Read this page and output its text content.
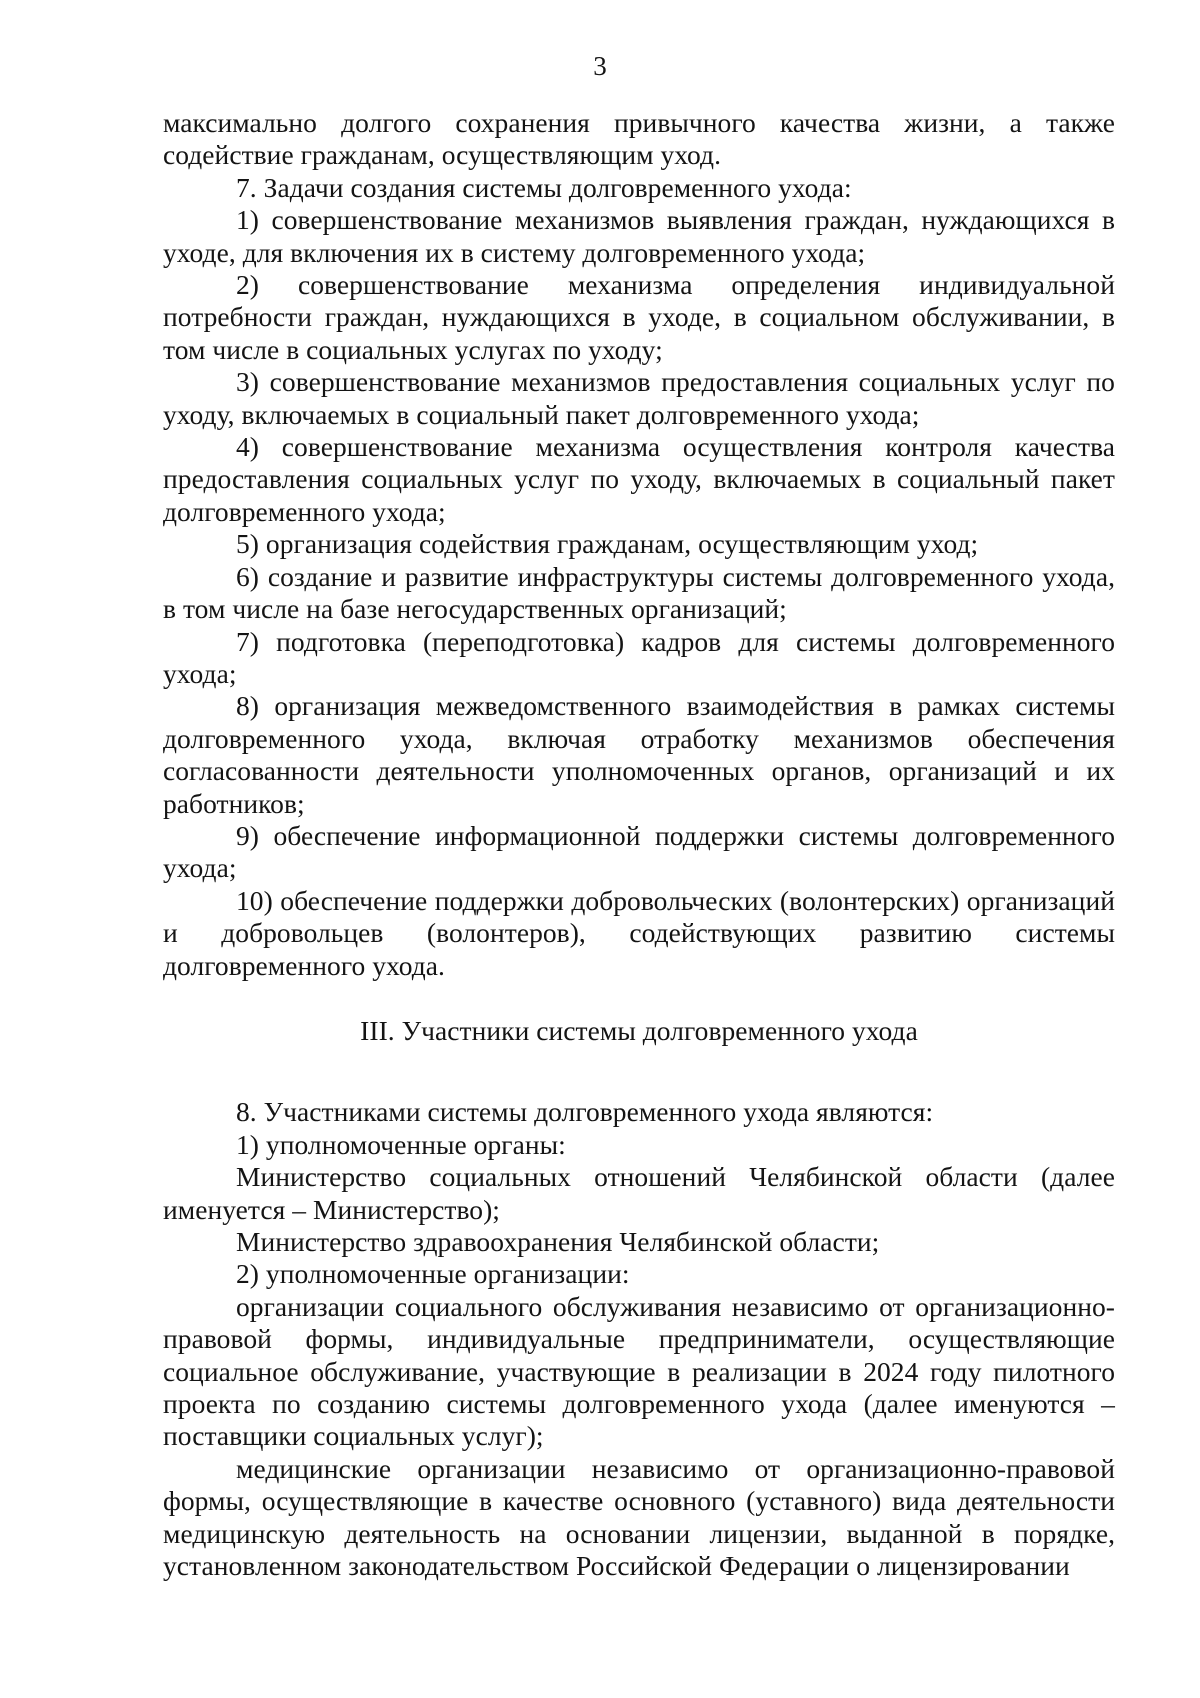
3

максимально долгого сохранения привычного качества жизни, а также содействие гражданам, осуществляющим уход.

7. Задачи создания системы долговременного ухода:

1) совершенствование механизмов выявления граждан, нуждающихся в уходе, для включения их в систему долговременного ухода;

2) совершенствование механизма определения индивидуальной потребности граждан, нуждающихся в уходе, в социальном обслуживании, в том числе в социальных услугах по уходу;

3) совершенствование механизмов предоставления социальных услуг по уходу, включаемых в социальный пакет долговременного ухода;

4) совершенствование механизма осуществления контроля качества предоставления социальных услуг по уходу, включаемых в социальный пакет долговременного ухода;

5) организация содействия гражданам, осуществляющим уход;

6) создание и развитие инфраструктуры системы долговременного ухода, в том числе на базе негосударственных организаций;

7) подготовка (переподготовка) кадров для системы долговременного ухода;

8) организация межведомственного взаимодействия в рамках системы долговременного ухода, включая отработку механизмов обеспечения согласованности деятельности уполномоченных органов, организаций и их работников;

9) обеспечение информационной поддержки системы долговременного ухода;

10) обеспечение поддержки добровольческих (волонтерских) организаций и добровольцев (волонтеров), содействующих развитию системы долговременного ухода.

III. Участники системы долговременного ухода

8. Участниками системы долговременного ухода являются:

1) уполномоченные органы:

Министерство социальных отношений Челябинской области (далее именуется – Министерство);

Министерство здравоохранения Челябинской области;

2) уполномоченные организации:

организации социального обслуживания независимо от организационно-правовой формы, индивидуальные предприниматели, осуществляющие социальное обслуживание, участвующие в реализации в 2024 году пилотного проекта по созданию системы долговременного ухода (далее именуются – поставщики социальных услуг);

медицинские организации независимо от организационно-правовой формы, осуществляющие в качестве основного (уставного) вида деятельности медицинскую деятельность на основании лицензии, выданной в порядке, установленном законодательством Российской Федерации о лицензировании
